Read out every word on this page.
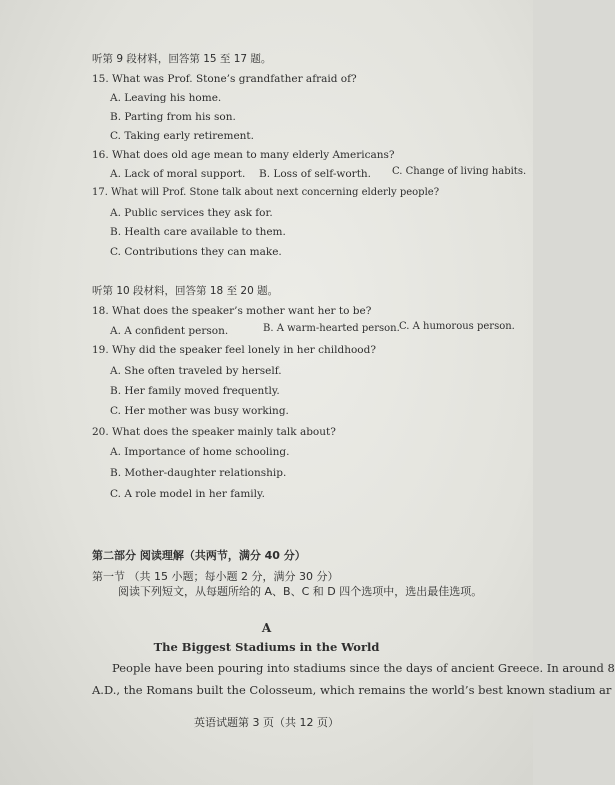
听第 9 段材料，回答第 15 至 17 题。
15. What was Prof. Stone’s grandfather afraid of?
A. Leaving his home.
B. Parting from his son.
C. Taking early retirement.
16. What does old age mean to many elderly Americans?
A. Lack of moral support. B. Loss of self-worth. C. Change of living habits.
17. What will Prof. Stone talk about next concerning elderly people?
A. Public services they ask for.
B. Health care available to them.
C. Contributions they can make.
听第 10 段材料，回答第 18 至 20 题。
18. What does the speaker’s mother want her to be?
A. A confident person.	B. A warm-hearted person. C. A humorous person.
19. Why did the speaker feel lonely in her childhood?
A. She often traveled by herself.
B. Her family moved frequently.
C. Her mother was busy working.
20. What does the speaker mainly talk about?
A. Importance of home schooling.
B. Mother-daughter relationship.
C. A role model in her family.
第二部分 阅读理解（共两节，满分 40 分）
第一节 （共 15 小题；每小题 2 分，满分 30 分）
阅读下列短文，从每题所给的 A、B、C 和 D 四个选项中，选出最佳选项。
A
The Biggest Stadiums in the World
People have been pouring into stadiums since the days of ancient Greece. In around 8
A.D., the Romans built the Colosseum, which remains the world’s best known stadium ar
英语试题第 3 页（共 12 页）
